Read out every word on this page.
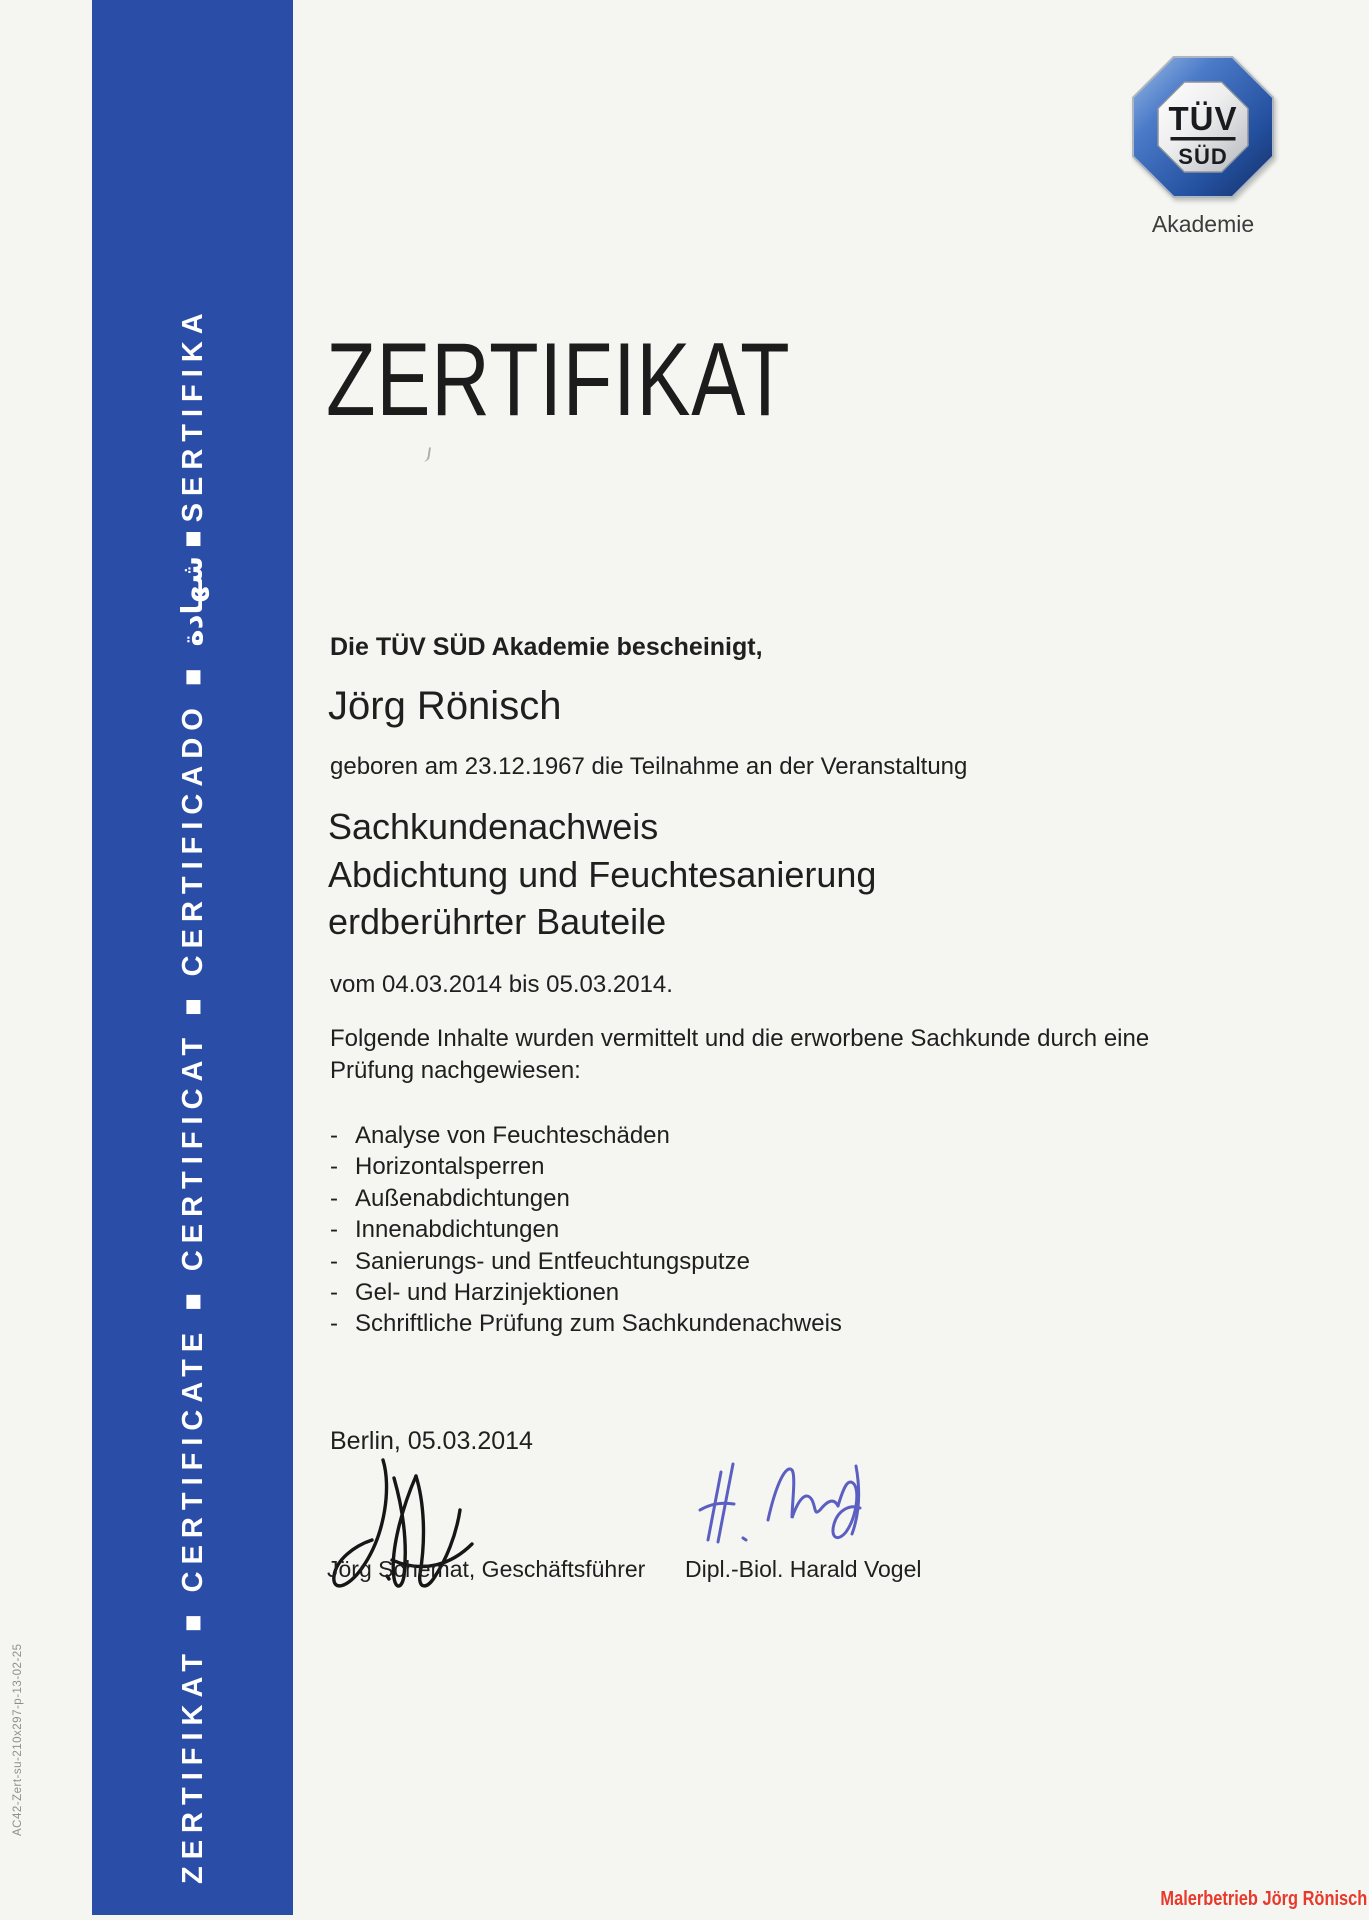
AC42-Zert-su-210x297-p-13-02-25	ZERTIFIKAT ■ CERTIFICATE ■ CERTIFICAT ■ CERTIFICADO ■ شهادة ■ SERTIFIKA
TÜV
SÜD
Akademie
ZERTIFIKAT
Die TÜV SÜD Akademie bescheinigt,
Jörg Rönisch
geboren am 23.12.1967 die Teilnahme an der Veranstaltung
Sachkundenachweis
Abdichtung und Feuchtesanierung
erdberührter Bauteile
vom 04.03.2014 bis 05.03.2014.
Folgende Inhalte wurden vermittelt und die erworbene Sachkunde durch eine
Prüfung nachgewiesen:
- Analyse von Feuchteschäden
- Horizontalsperren
- Außenabdichtungen
- Innenabdichtungen
- Sanierungs- und Entfeuchtungsputze
- Gel- und Harzinjektionen
- Schriftliche Prüfung zum Sachkundenachweis
Berlin, 05.03.2014
Jörg Schemat, Geschäftsführer Dipl.-Biol. Harald Vogel
Malerbetrieb Jörg Rönisch
